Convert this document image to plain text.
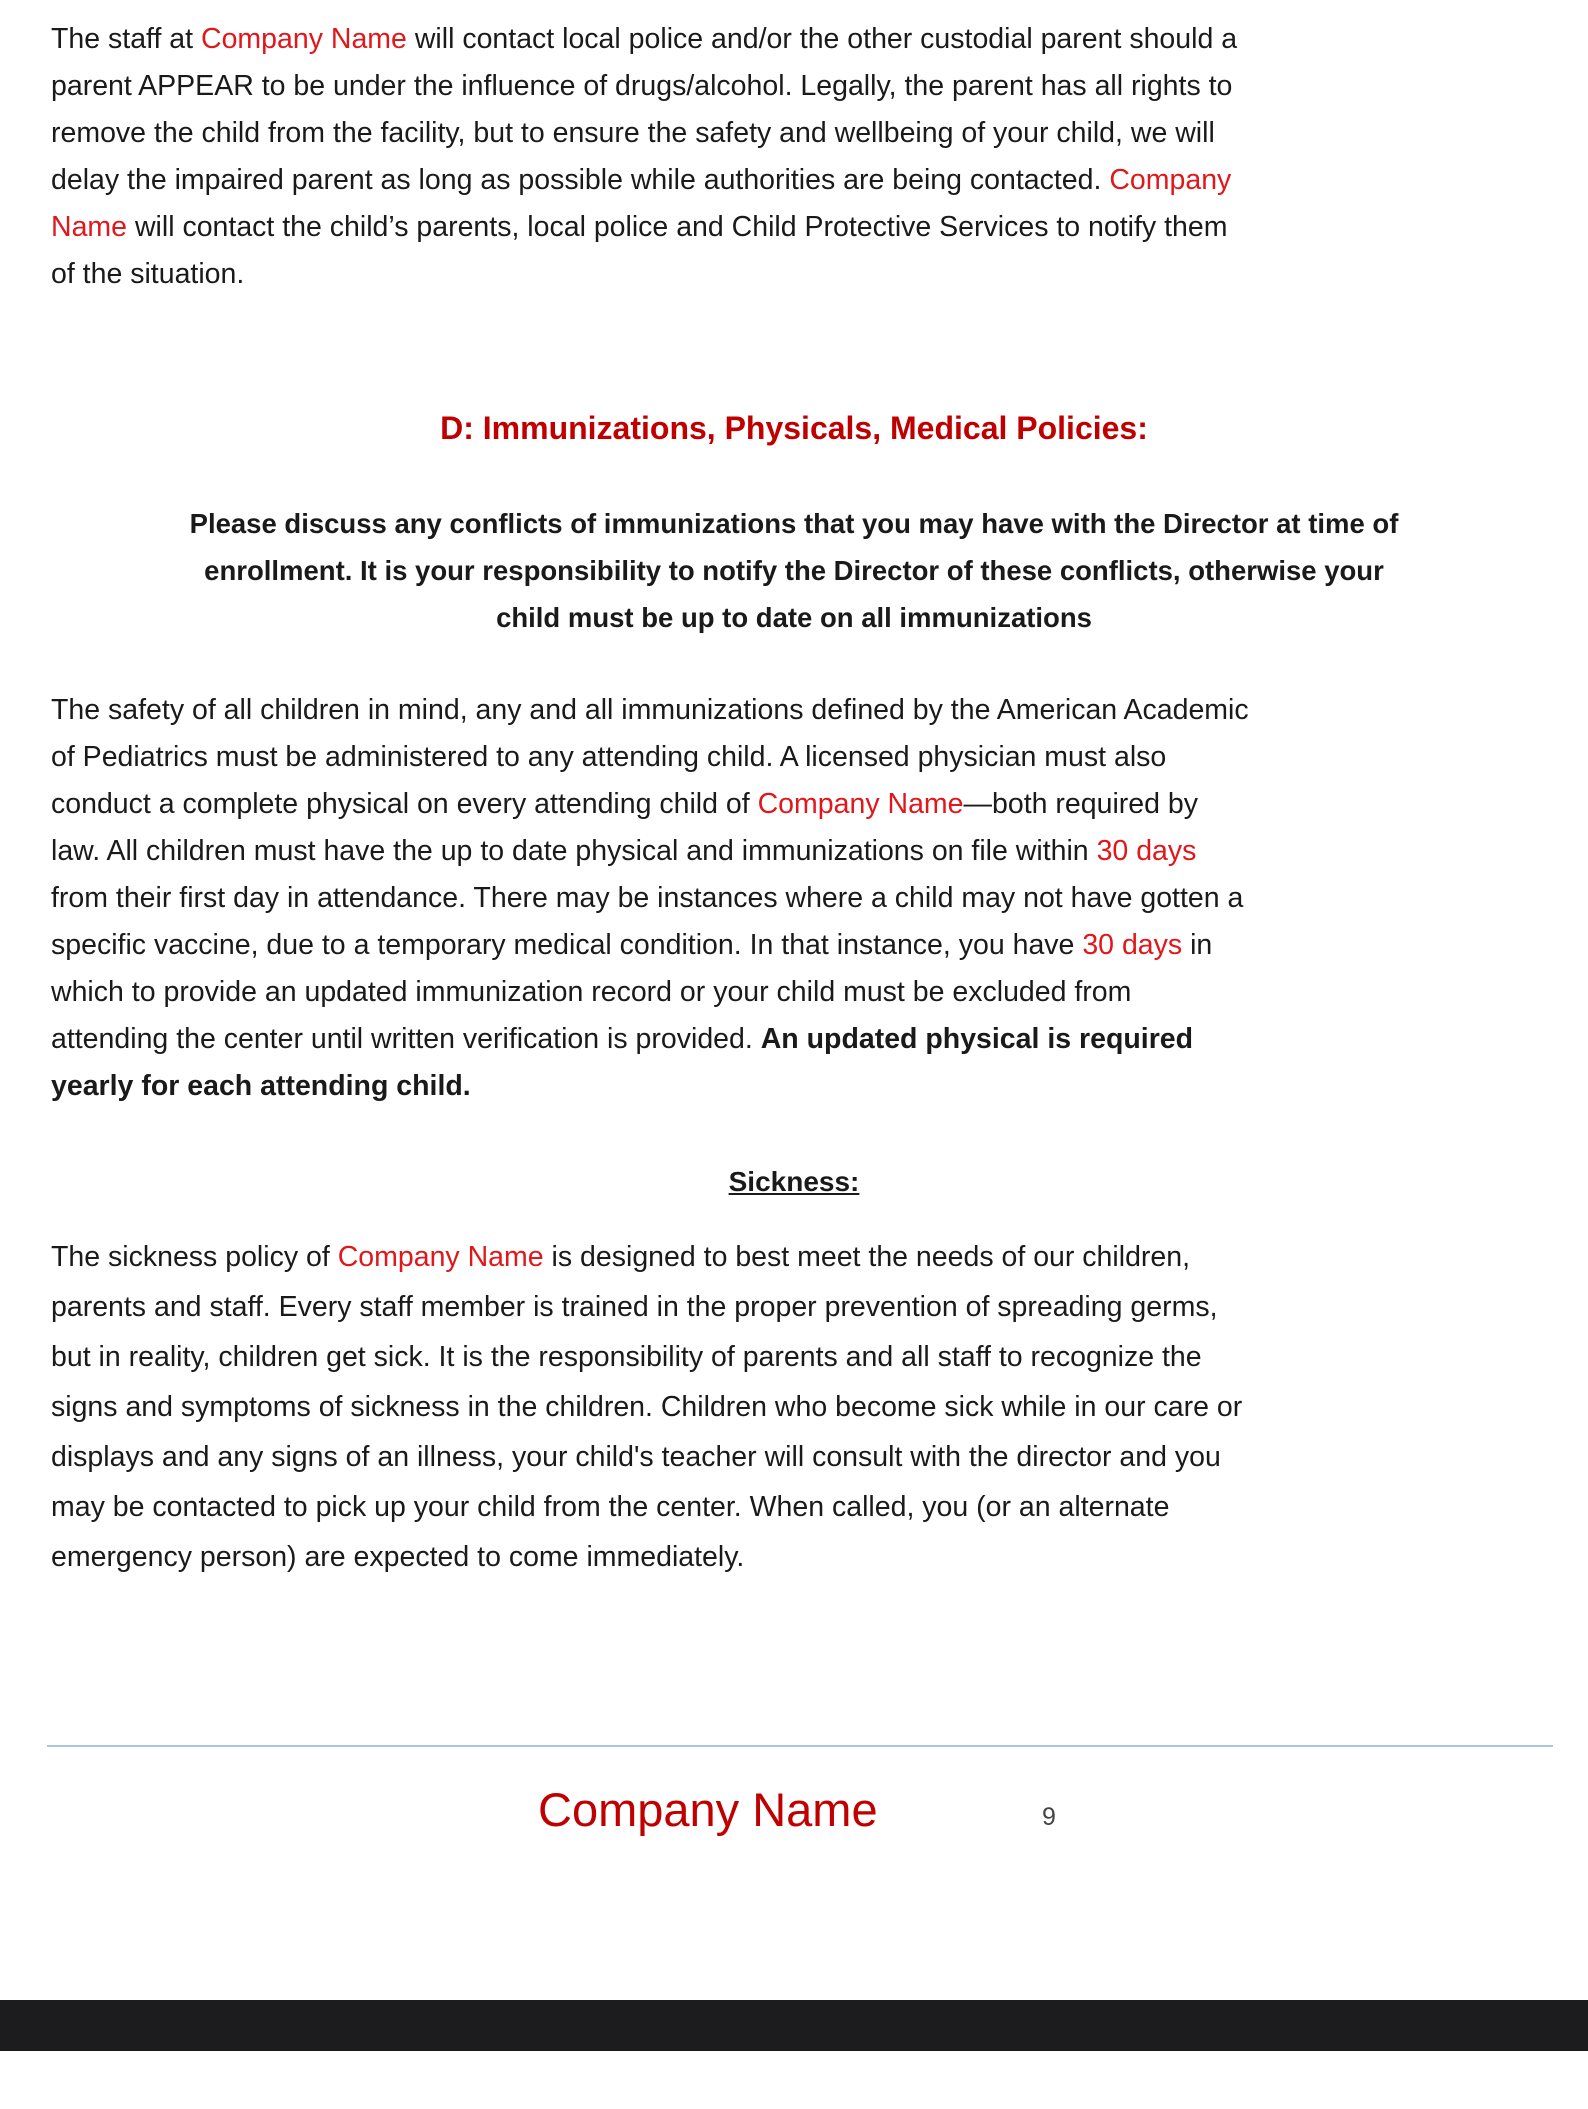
The staff at Company Name will contact local police and/or the other custodial parent should a
parent APPEAR to be under the influence of drugs/alcohol. Legally, the parent has all rights to
remove the child from the facility, but to ensure the safety and wellbeing of your child, we will
delay the impaired parent as long as possible while authorities are being contacted. Company
Name will contact the child’s parents, local police and Child Protective Services to notify them
of the situation.
D: Immunizations, Physicals, Medical Policies:
Please discuss any conflicts of immunizations that you may have with the Director at time of
enrollment. It is your responsibility to notify the Director of these conflicts, otherwise your
child must be up to date on all immunizations
The safety of all children in mind, any and all immunizations defined by the American Academic
of Pediatrics must be administered to any attending child. A licensed physician must also
conduct a complete physical on every attending child of Company Name—both required by
law. All children must have the up to date physical and immunizations on file within 30 days
from their first day in attendance. There may be instances where a child may not have gotten a
specific vaccine, due to a temporary medical condition. In that instance, you have 30 days in
which to provide an updated immunization record or your child must be excluded from
attending the center until written verification is provided. An updated physical is required
yearly for each attending child.
Sickness:
The sickness policy of Company Name is designed to best meet the needs of our children,
parents and staff. Every staff member is trained in the proper prevention of spreading germs,
but in reality, children get sick. It is the responsibility of parents and all staff to recognize the
signs and symptoms of sickness in the children. Children who become sick while in our care or
displays and any signs of an illness, your child's teacher will consult with the director and you
may be contacted to pick up your child from the center. When called, you (or an alternate
emergency person) are expected to come immediately.
Company Name	9
